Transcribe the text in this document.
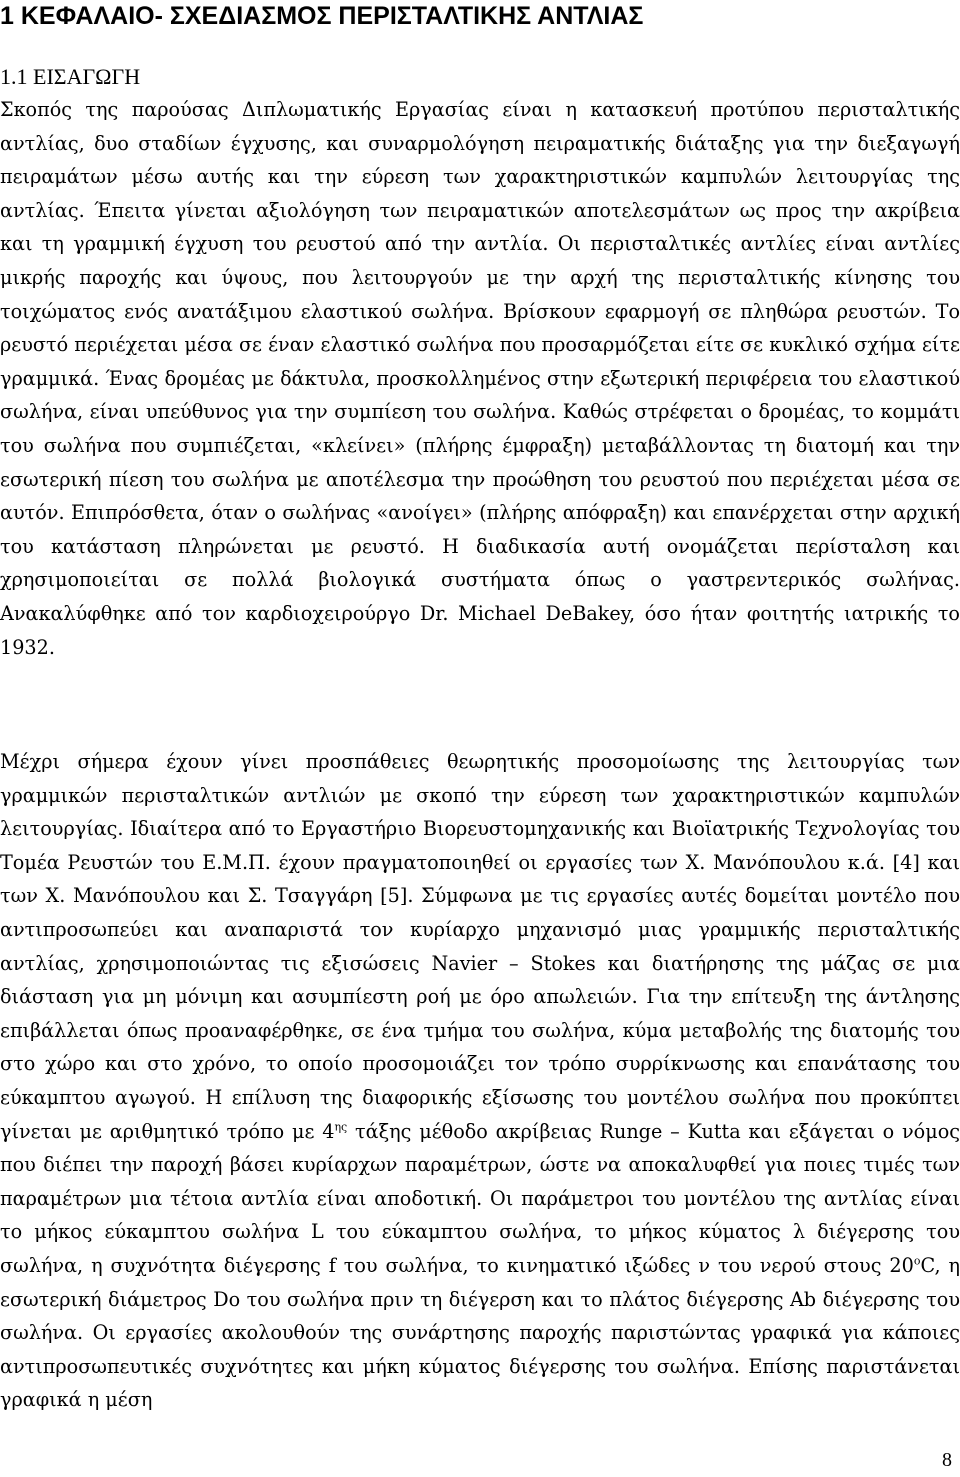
1 ΚΕΦΑΛΑΙΟ- ΣΧΕΔΙΑΣΜΟΣ ΠΕΡΙΣΤΑΛΤΙΚΗΣ ΑΝΤΛΙΑΣ
1.1 ΕΙΣΑΓΩΓΗ

Σκοπός της παρούσας Διπλωματικής Εργασίας είναι η κατασκευή προτύπου περισταλτικής αντλίας, δυο σταδίων έγχυσης, και συναρμολόγηση πειραματικής διάταξης για την διεξαγωγή πειραμάτων μέσω αυτής και την εύρεση των χαρακτηριστικών καμπυλών λειτουργίας της αντλίας. Έπειτα γίνεται αξιολόγηση των πειραματικών αποτελεσμάτων ως προς την ακρίβεια και τη γραμμική έγχυση του ρευστού από την αντλία. Οι περισταλτικές αντλίες είναι αντλίες μικρής παροχής και ύψους, που λειτουργούν με την αρχή της περισταλτικής κίνησης του τοιχώματος ενός ανατάξιμου ελαστικού σωλήνα. Βρίσκουν εφαρμογή σε πληθώρα ρευστών. Το ρευστό περιέχεται μέσα σε έναν ελαστικό σωλήνα που προσαρμόζεται είτε σε κυκλικό σχήμα είτε γραμμικά. Ένας δρομέας με δάκτυλα, προσκολλημένος στην εξωτερική περιφέρεια του ελαστικού σωλήνα, είναι υπεύθυνος για την συμπίεση του σωλήνα. Καθώς στρέφεται ο δρομέας, το κομμάτι του σωλήνα που συμπιέζεται, «κλείνει» (πλήρης έμφραξη) μεταβάλλοντας τη διατομή και την εσωτερική πίεση του σωλήνα με αποτέλεσμα την προώθηση του ρευστού που περιέχεται μέσα σε αυτόν. Επιπρόσθετα, όταν ο σωλήνας «ανοίγει» (πλήρης απόφραξη) και επανέρχεται στην αρχική του κατάσταση πληρώνεται με ρευστό. Η διαδικασία αυτή ονομάζεται περίσταλση και χρησιμοποιείται σε πολλά βιολογικά συστήματα όπως ο γαστρεντερικός σωλήνας. Ανακαλύφθηκε από τον καρδιοχειρούργο Dr. Michael DeBakey, όσο ήταν φοιτητής ιατρικής το 1932.

Μέχρι σήμερα έχουν γίνει προσπάθειες θεωρητικής προσομοίωσης της λειτουργίας των γραμμικών περισταλτικών αντλιών με σκοπό την εύρεση των χαρακτηριστικών καμπυλών λειτουργίας. Ιδιαίτερα από το Εργαστήριο Βιορευστομηχανικής και Βιοϊατρικής Τεχνολογίας του Τομέα Ρευστών του Ε.Μ.Π. έχουν πραγματοποιηθεί οι εργασίες των Χ. Μανόπουλου κ.ά. [4] και των Χ. Μανόπουλου και Σ. Τσαγγάρη [5]. Σύμφωνα με τις εργασίες αυτές δομείται μοντέλο που αντιπροσωπεύει και αναπαριστά τον κυρίαρχο μηχανισμό μιας γραμμικής περισταλτικής αντλίας, χρησιμοποιώντας τις εξισώσεις Navier – Stokes και διατήρησης της μάζας σε μια διάσταση για μη μόνιμη και ασυμπίεστη ροή με όρο απωλειών. Για την επίτευξη της άντλησης επιβάλλεται όπως προαναφέρθηκε, σε ένα τμήμα του σωλήνα, κύμα μεταβολής της διατομής του στο χώρο και στο χρόνο, το οποίο προσομοιάζει τον τρόπο συρρίκνωσης και επανάτασης του εύκαμπτου αγωγού. Η επίλυση της διαφορικής εξίσωσης του μοντέλου σωλήνα που προκύπτει γίνεται με αριθμητικό τρόπο με $4^{\eta\varsigma}$ τάξης μέθοδο ακρίβειας Runge – Kutta και εξάγεται ο νόμος που διέπει την παροχή βάσει κυρίαρχων παραμέτρων, ώστε να αποκαλυφθεί για ποιες τιμές των παραμέτρων μια τέτοια αντλία είναι αποδοτική. Οι παράμετροι του μοντέλου της αντλίας είναι το μήκος εύκαμπτου σωλήνα L του εύκαμπτου σωλήνα, το μήκος κύματος λ διέγερσης του σωλήνα, η συχνότητα διέγερσης f του σωλήνα, το κινηματικό ιξώδες ν του νερού στους 20$^o$C, η εσωτερική διάμετρος Do του σωλήνα πριν τη διέγερση και το πλάτος διέγερσης Ab διέγερσης του σωλήνα. Οι εργασίες ακολουθούν της συνάρτησης παροχής παριστώντας γραφικά για κάποιες αντιπροσωπευτικές συχνότητες και μήκη κύματος διέγερσης του σωλήνα. Επίσης παριστάνεται γραφικά η μέση

8
